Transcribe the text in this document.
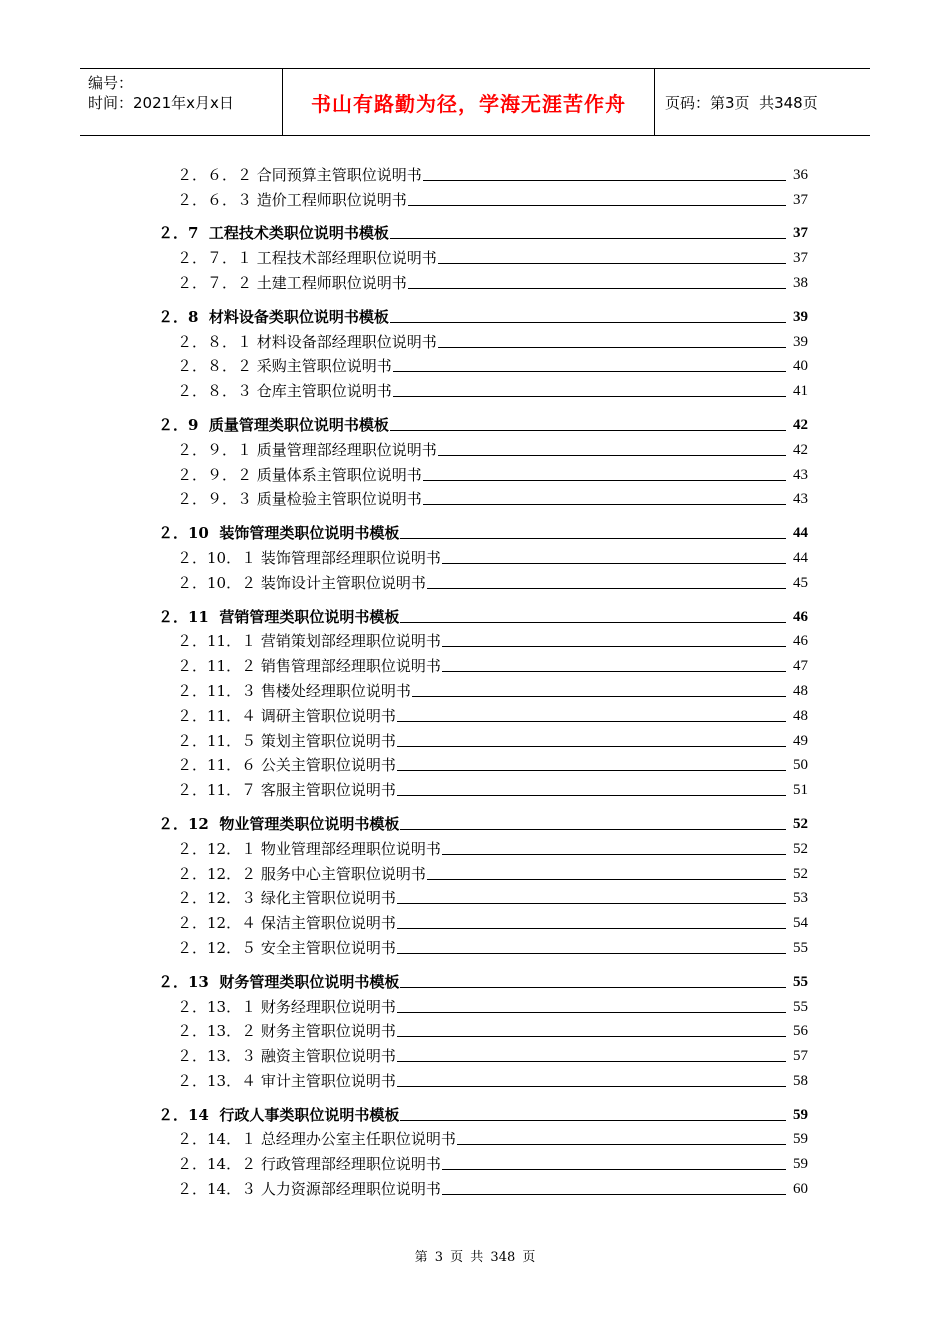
编号：
时间：2021年x月x日	书山有路勤为径，学海无涯苦作舟	页码：第3页  共348页
２．６．２ 合同预算主管职位说明书	36
２．６．３ 造价工程师职位说明书	37
２．7  工程技术类职位说明书模板	37
２．７．１ 工程技术部经理职位说明书	37
２．７．２ 土建工程师职位说明书	38
２．8  材料设备类职位说明书模板	39
２．８．１ 材料设备部经理职位说明书	39
２．８．２ 采购主管职位说明书	40
２．８．３ 仓库主管职位说明书	41
２．9  质量管理类职位说明书模板	42
２．９．１ 质量管理部经理职位说明书	42
２．９．２ 质量体系主管职位说明书	43
２．９．３ 质量检验主管职位说明书	43
２．10  装饰管理类职位说明书模板	44
２．10．１ 装饰管理部经理职位说明书	44
２．10．２ 装饰设计主管职位说明书	45
２．11  营销管理类职位说明书模板	46
２．11．１ 营销策划部经理职位说明书	46
２．11．２ 销售管理部经理职位说明书	47
２．11．３ 售楼处经理职位说明书	48
２．11．４ 调研主管职位说明书	48
２．11．５ 策划主管职位说明书	49
２．11．６ 公关主管职位说明书	50
２．11．７ 客服主管职位说明书	51
２．12  物业管理类职位说明书模板	52
２．12．１ 物业管理部经理职位说明书	52
２．12．２ 服务中心主管职位说明书	52
２．12．３ 绿化主管职位说明书	53
２．12．４ 保洁主管职位说明书	54
２．12．５ 安全主管职位说明书	55
２．13  财务管理类职位说明书模板	55
２．13．１ 财务经理职位说明书	55
２．13．２ 财务主管职位说明书	56
２．13．３ 融资主管职位说明书	57
２．13．４ 审计主管职位说明书	58
２．14  行政人事类职位说明书模板	59
２．14．１ 总经理办公室主任职位说明书	59
２．14．２ 行政管理部经理职位说明书	59
２．14．３ 人力资源部经理职位说明书	60
第 3 页 共 348 页
